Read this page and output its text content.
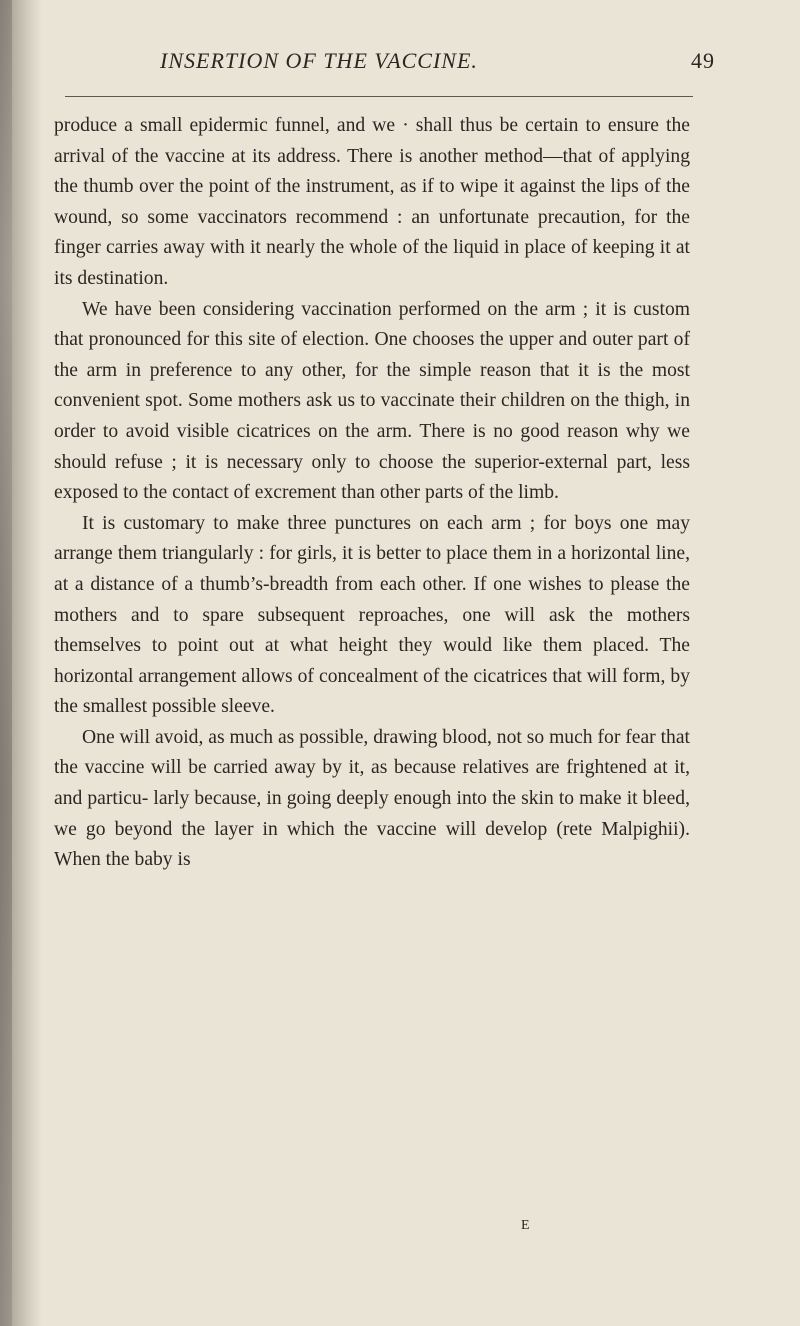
INSERTION OF THE VACCINE.	49

produce a small epidermic funnel, and we · shall thus be certain to ensure the arrival of the vaccine at its address. There is another method—that of applying the thumb over the point of the instrument, as if to wipe it against the lips of the wound, so some vaccinators recommend : an unfortunate precaution, for the finger carries away with it nearly the whole of the liquid in place of keeping it at its destination.

We have been considering vaccination performed on the arm ; it is custom that pronounced for this site of election. One chooses the upper and outer part of the arm in preference to any other, for the simple reason that it is the most convenient spot. Some mothers ask us to vaccinate their children on the thigh, in order to avoid visible cicatrices on the arm. There is no good reason why we should refuse ; it is necessary only to choose the superior-external part, less exposed to the contact of excrement than other parts of the limb.

It is customary to make three punctures on each arm ; for boys one may arrange them triangularly : for girls, it is better to place them in a horizontal line, at a distance of a thumb’s-breadth from each other. If one wishes to please the mothers and to spare subsequent reproaches, one will ask the mothers themselves to point out at what height they would like them placed. The horizontal arrangement allows of concealment of the cicatrices that will form, by the smallest possible sleeve.

One will avoid, as much as possible, drawing blood, not so much for fear that the vaccine will be carried away by it, as because relatives are frightened at it, and particu- larly because, in going deeply enough into the skin to make it bleed, we go beyond the layer in which the vaccine will develop (rete Malpighii). When the baby is

E
